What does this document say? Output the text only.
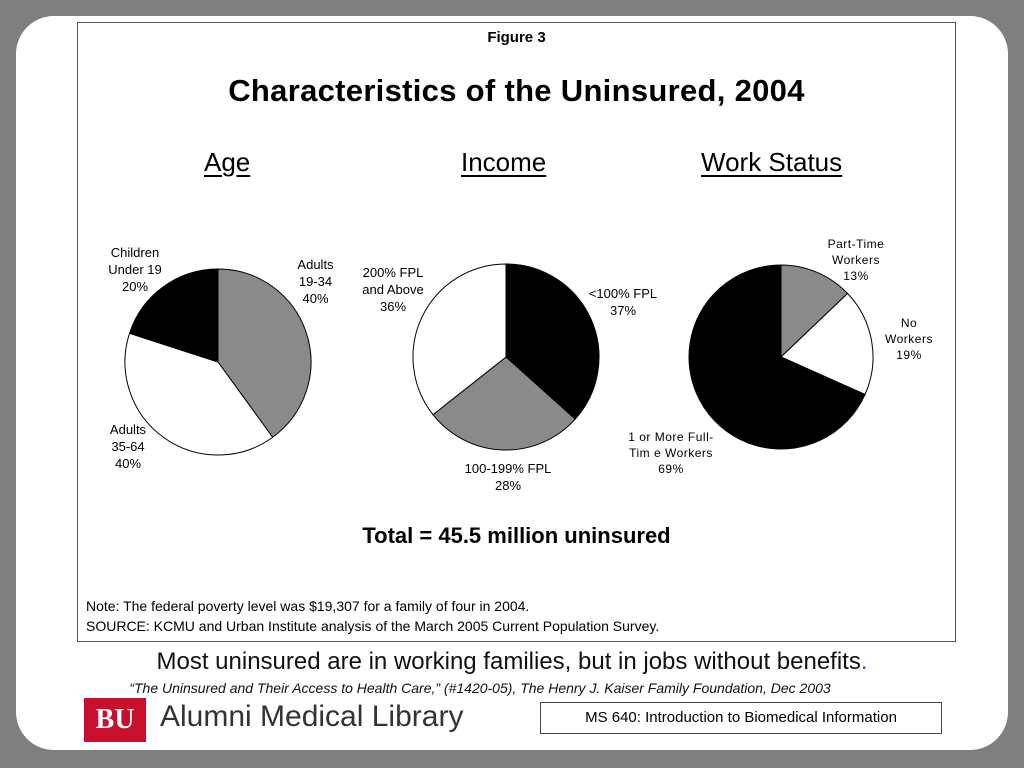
Figure 3
Characteristics of the Uninsured, 2004
Age	Income	Work Status
Children
Under 19
20%
Adults
19-34
40%
Adults
35-64
40%
200% FPL
and Above
36%
<100% FPL
37%
100-199% FPL
28%
Part-Time
Workers
13%
No
Workers
19%
1 or More Full-
Tim e Workers
69%
Total = 45.5 million uninsured
Note: The federal poverty level was $19,307 for a family of four in 2004.
SOURCE: KCMU and Urban Institute analysis of the March 2005 Current Population Survey.
Most uninsured are in working families, but in jobs without benefits.
“The Uninsured and Their Access to Health Care,” (#1420-05), The Henry J. Kaiser Family Foundation, Dec 2003
BU Alumni Medical Library	MS 640: Introduction to Biomedical Information
